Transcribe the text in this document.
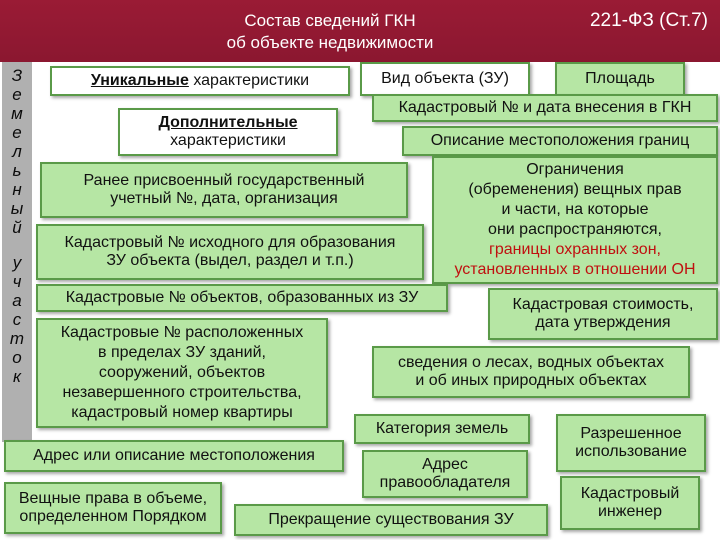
Состав сведений ГКН
об объекте недвижимости
221-ФЗ (Ст.7)
З
е
м
е
л
ь
н
ы
й
у
ч
а
с
т
о
к
Уникальные характеристики	Вид объекта (ЗУ)	Площадь
Кадастровый № и дата внесения в ГКН
Дополнительные
характеристики	Описание местоположения границ
Ранее присвоенный государственный
учетный №, дата, организация
Ограничения
(обременения) вещных прав
и части, на которые
они распространяются,
границы охранных зон,
установленных в отношении ОН
Кадастровый № исходного для образования
ЗУ объекта (выдел, раздел и т.п.)
Кадастровые № объектов, образованных из ЗУ	Кадастровая стоимость,
дата утверждения
Кадастровые № расположенных
в пределах ЗУ зданий,
сооружений, объектов
незавершенного строительства,
кадастровый номер квартиры
сведения о лесах, водных объектах
и об иных природных объектах
Категория земель	Разрешенное
использование
Адрес или описание местоположения
Адрес
правообладателя
Вещные права в объеме,
определенном Порядком
Кадастровый
инженер
Прекращение существования ЗУ
